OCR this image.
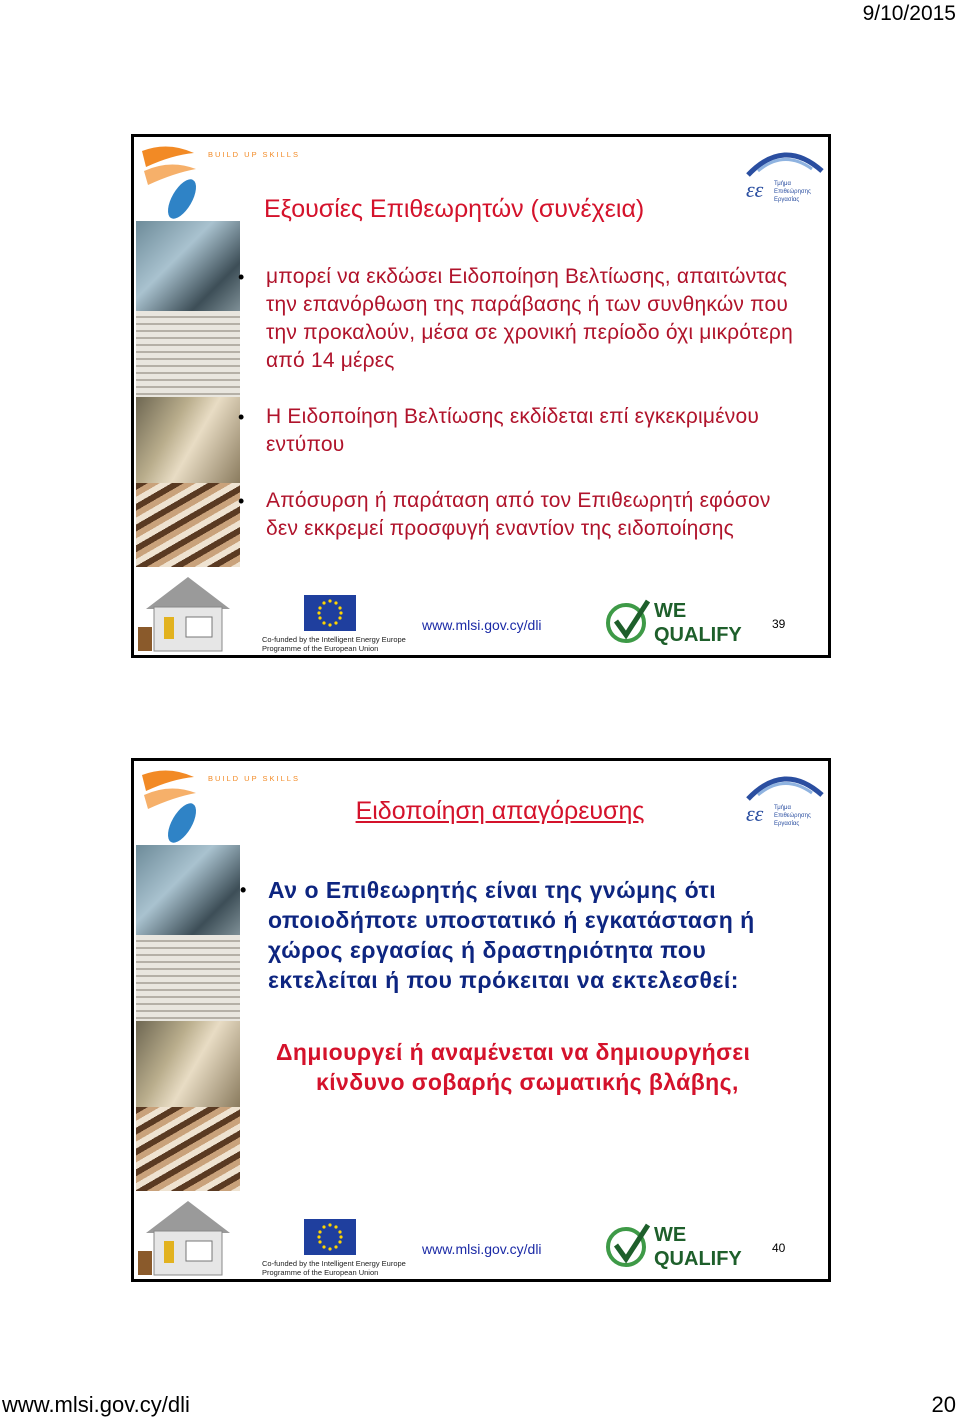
9/10/2015
BUILD UP SKILLS
εε Τμήμα
Επιθεώρησης
Εργασίας
Εξουσίες Επιθεωρητών (συνέχεια)
• μπορεί να εκδώσει Ειδοποίηση Βελτίωσης, απαιτώντας την επανόρθωση της παράβασης ή των συνθηκών που την προκαλούν, μέσα σε χρονική περίοδο όχι μικρότερη από 14 μέρες
• Η Ειδοποίηση Βελτίωσης εκδίδεται επί εγκεκριμένου εντύπου
• Απόσυρση ή παράταση από τον Επιθεωρητή εφόσον δεν εκκρεμεί προσφυγή εναντίον της ειδοποίησης
Co-funded by the Intelligent Energy Europe Programme of the European Union
www.mlsi.gov.cy/dli
WE
QUALIFY	39
BUILD UP SKILLS
εε Τμήμα
Επιθεώρησης
Εργασίας
Ειδοποίηση απαγόρευσης
• Αν ο Επιθεωρητής είναι της γνώμης ότι οποιοδήποτε υποστατικό ή εγκατάσταση ή χώρος εργασίας ή δραστηριότητα που εκτελείται ή που πρόκειται να εκτελεσθεί:
Δημιουργεί ή αναμένεται να δημιουργήσει
κίνδυνο σοβαρής σωματικής βλάβης,
Co-funded by the Intelligent Energy Europe Programme of the European Union
www.mlsi.gov.cy/dli
WE
QUALIFY	40
www.mlsi.gov.cy/dli	20
